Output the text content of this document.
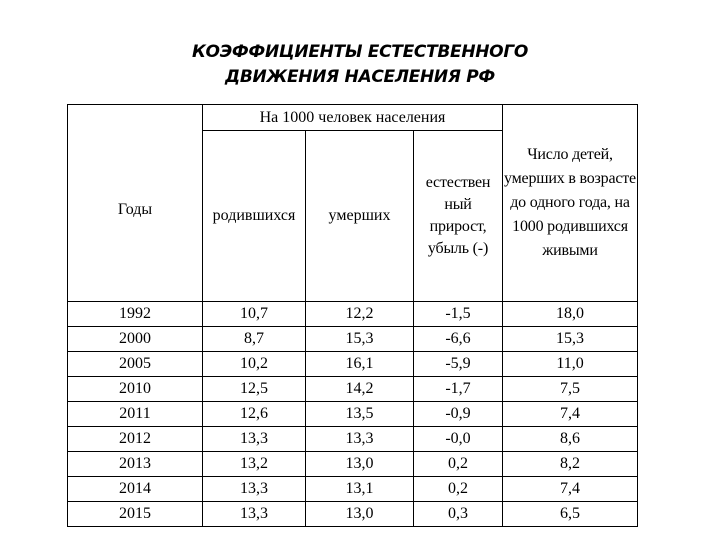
КОЭФФИЦИЕНТЫ ЕСТЕСТВЕННОГО
ДВИЖЕНИЯ НАСЕЛЕНИЯ РФ
Годы	На 1000 человек населения			Число детей, умерших в возрасте до одного года, на 1000 родившихся живыми
	родившихся	умерших	естествен ный прирост, убыль (-)	
1992	10,7	12,2	-1,5	18,0
2000	8,7	15,3	-6,6	15,3
2005	10,2	16,1	-5,9	11,0
2010	12,5	14,2	-1,7	7,5
2011	12,6	13,5	-0,9	7,4
2012	13,3	13,3	-0,0	8,6
2013	13,2	13,0	0,2	8,2
2014	13,3	13,1	0,2	7,4
2015	13,3	13,0	0,3	6,5
